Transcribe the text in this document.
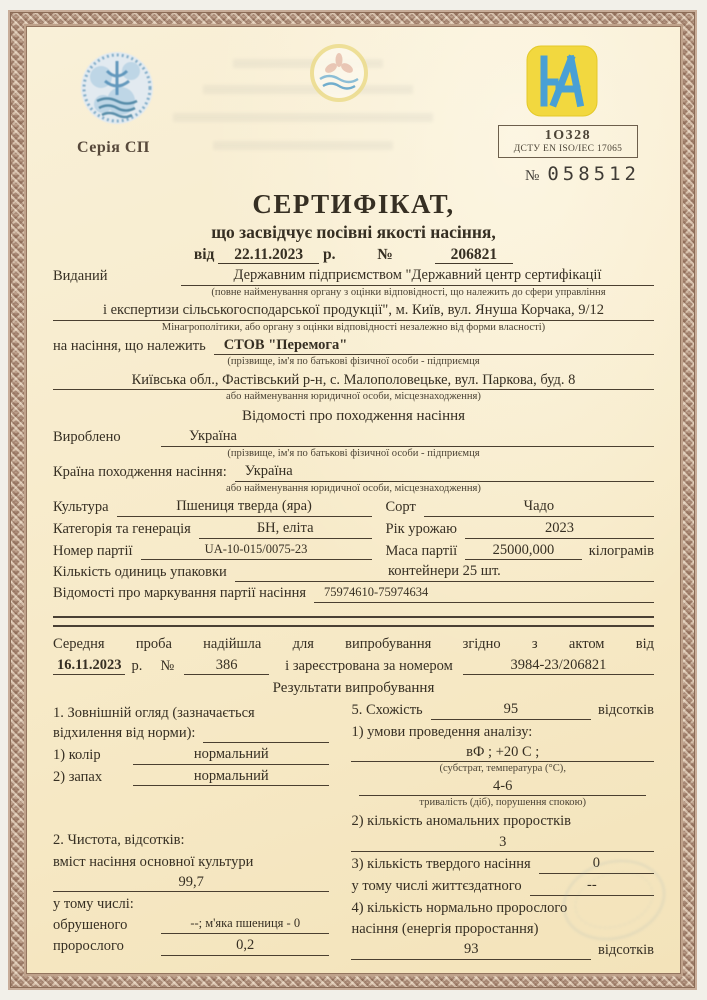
Серія СП
1О328
ДСТУ EN ISO/IEC 17065
№ 058512
СЕРТИФІКАТ,
що засвідчує посівні якості насіння,
від 22.11.2023 р.	№	206821
Виданий	Державним підприємством "Державний центр сертифікації
(повне найменування органу з оцінки відповідності, що належить до сфери управління
і експертизи сільськогосподарської продукції", м. Київ, вул. Януша Корчака, 9/12
Мінагрополітики, або органу з оцінки відповідності незалежно від форми власності)
на насіння, що належить	СТОВ "Перемога"
(прізвище, ім'я по батькові фізичної особи - підприємця
Київська обл., Фастівський р-н, с. Малополовецьке, вул. Паркова, буд. 8
або найменування юридичної особи, місцезнаходження)
Відомості про походження насіння
Вироблено	Україна
(прізвище, ім'я по батькові фізичної особи - підприємця
Країна походження насіння:	Україна
або найменування юридичної особи, місцезнаходження)
Культура	Пшениця тверда (яра)	Сорт	Чадо
Категорія та генерація	БН, еліта	Рік урожаю	2023
Номер партії	UA-10-015/0075-23	Маса партії	25000,000	кілограмів
Кількість одиниць упаковки	контейнери 25 шт.
Відомості про маркування партії насіння	75974610-75974634
Середня проба надійшла для випробування згідно з актом від
16.11.2023 р.	№	386	і зареєстрована за номером	3984-23/206821
Результати випробування

1. Зовнішній огляд (зазначається

відхилення від норми):
1) колір	нормальний
2) запах	нормальний

2. Чистота, відсотків:

вміст насіння основної культури

99,7

у тому числі:

обрушеного	--; м'яка пшениця - 0
пророслого	0,2
5. Схожість	95	відсотків

1) умови проведення аналізу:

вФ ; +20 С ;
(субстрат, температура (°С),
4-6
тривалість (діб), порушення спокою)

2) кількість аномальних проростків

3
3) кількість твердого насіння	0
у тому числі життєздатного	--

4) кількість нормально пророслого

насіння (енергія проростання)

93	відсотків
